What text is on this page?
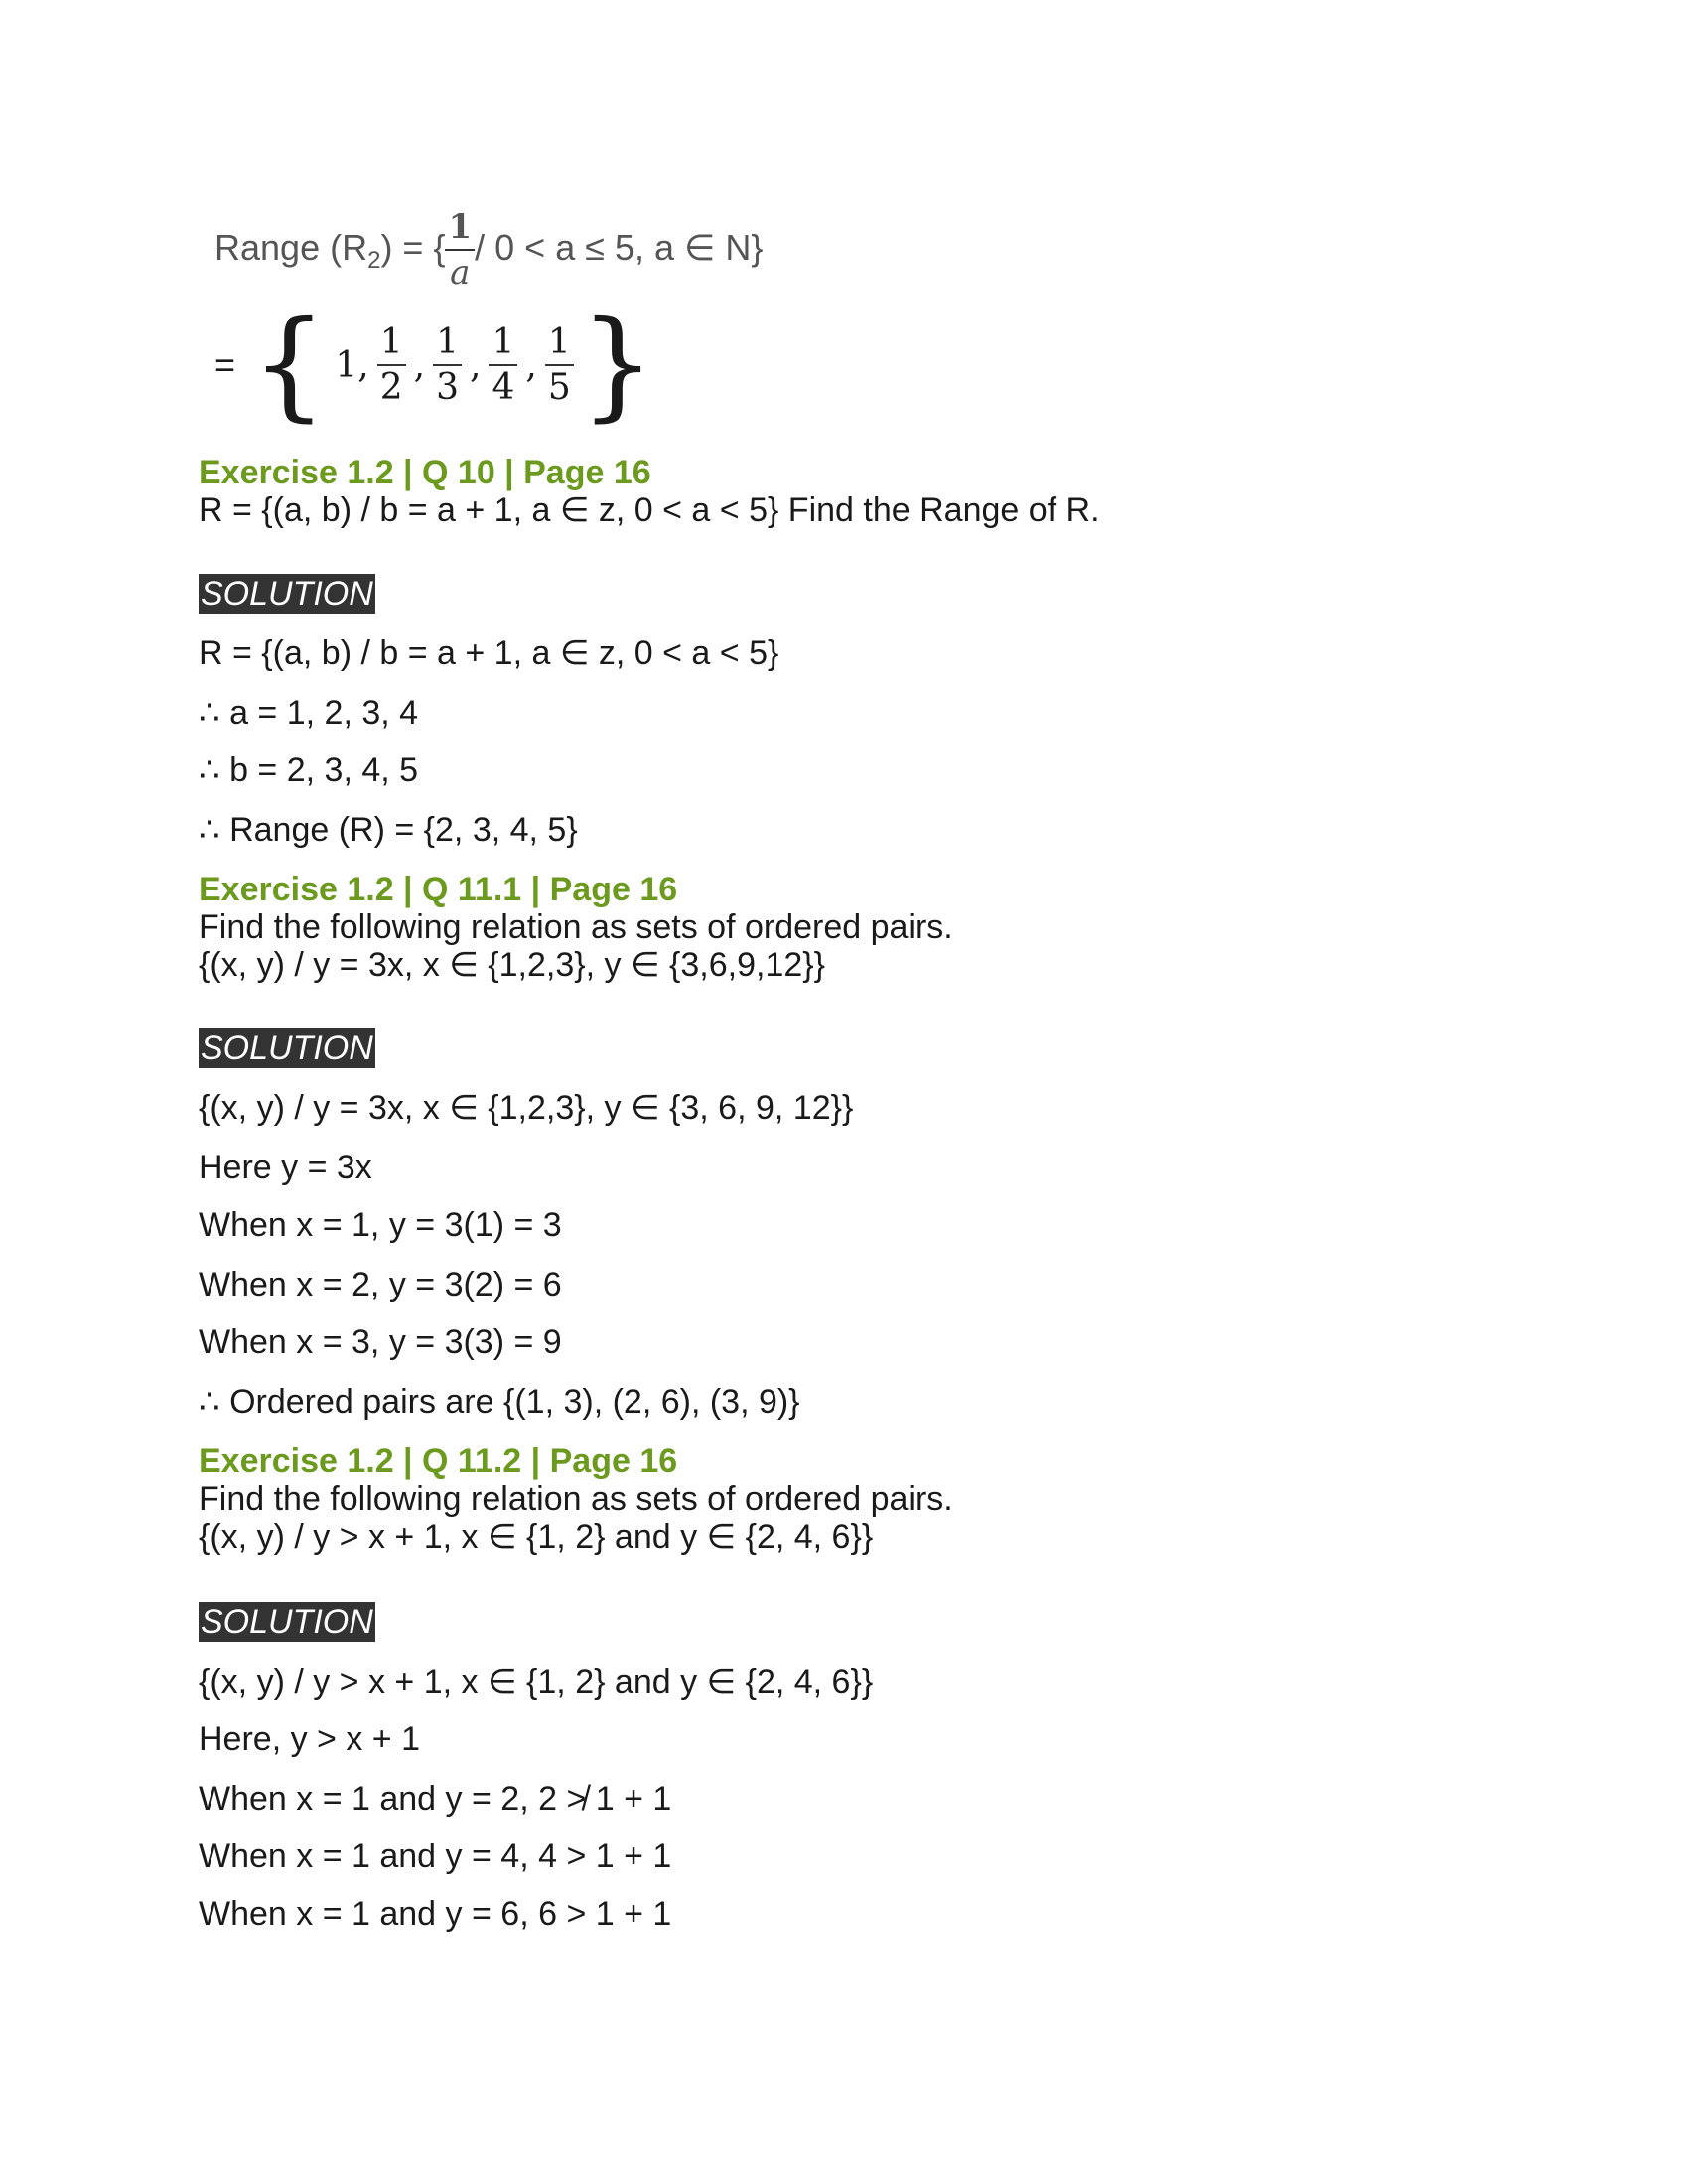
Range $(R_2)$ = { $\frac{1}{a} / 0 < a \le 5$, a ∈ N}
= { 1, $\frac{1}{2}$ , $\frac{1}{3}$ , $\frac{1}{4}$ , $\frac{1}{5}$ }
Exercise 1.2 | Q 10 | Page 16
R = {(a, b) / b = a + 1, a ∈ z, 0 < a < 5} Find the Range of R.
SOLUTION
R = {(a, b) / b = a + 1, a ∈ z, 0 < a < 5}
∴ a = 1, 2, 3, 4
∴ b = 2, 3, 4, 5
∴ Range (R) = {2, 3, 4, 5}
Exercise 1.2 | Q 11.1 | Page 16
Find the following relation as sets of ordered pairs.
{(x, y) / y = 3x, x ∈ {1,2,3}, y ∈ {3,6,9,12}}
SOLUTION
{(x, y) / y = 3x, x ∈ {1,2,3}, y ∈ {3, 6, 9, 12}}
Here y = 3x
When x = 1, y = 3(1) = 3
When x = 2, y = 3(2) = 6
When x = 3, y = 3(3) = 9
∴ Ordered pairs are {(1, 3), (2, 6), (3, 9)}
Exercise 1.2 | Q 11.2 | Page 16
Find the following relation as sets of ordered pairs.
{(x, y) / y > x + 1, x ∈ {1, 2} and y ∈ {2, 4, 6}}
SOLUTION
{(x, y) / y > x + 1, x ∈ {1, 2} and y ∈ {2, 4, 6}}
Here, y > x + 1
When x = 1 and y = 2, 2 ≯ 1 + 1
When x = 1 and y = 4, 4 > 1 + 1
When x = 1 and y = 6, 6 > 1 + 1
